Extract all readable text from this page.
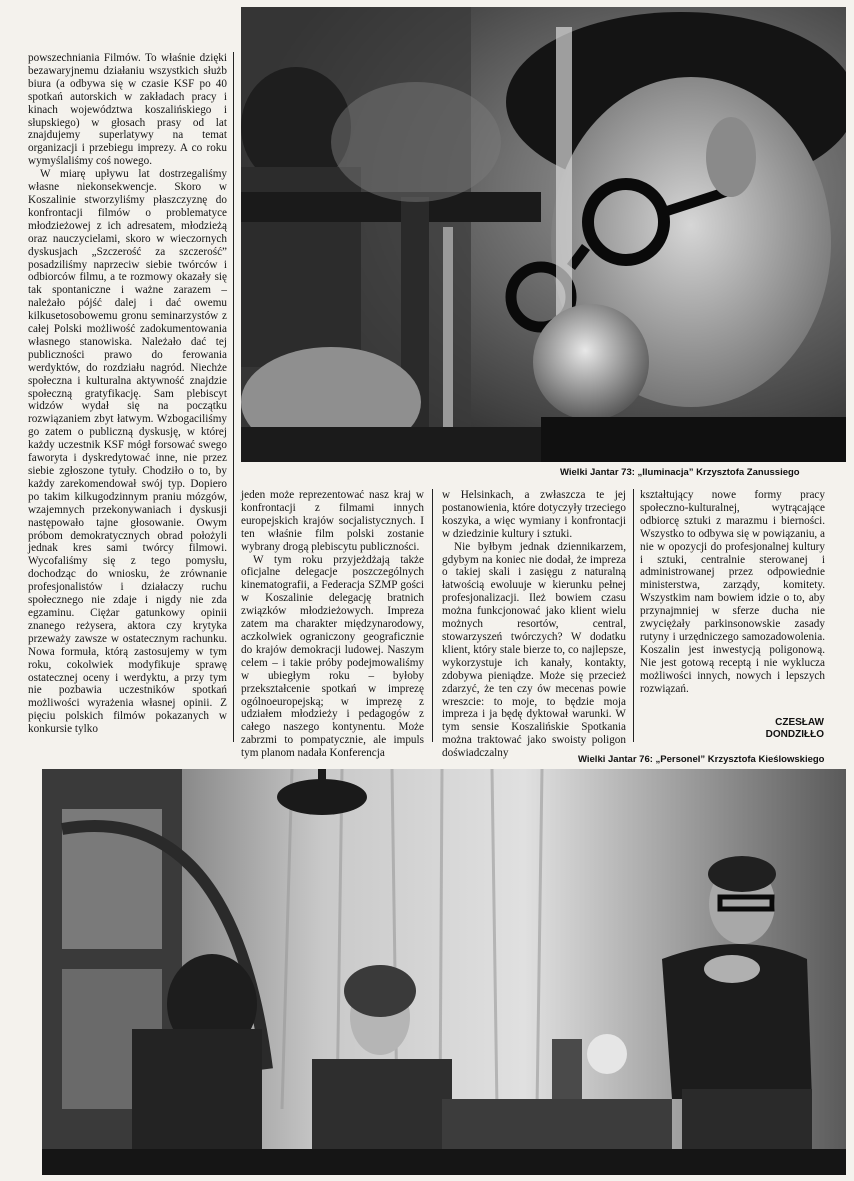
Wielki Jantar 73: „Iluminacja” Krzysztofa Zanussiego

powszechniania Filmów. To właśnie dzięki bezawaryjnemu działaniu wszystkich służb biura (a odbywa się w czasie KSF po 40 spotkań autorskich w zakładach pracy i kinach województwa koszalińskiego i słupskiego) w głosach prasy od lat znajdujemy superlatywy na temat organizacji i przebiegu imprezy. A co roku wymyślaliśmy coś nowego.

W miarę upływu lat dostrzegaliśmy własne niekonsekwencje. Skoro w Koszalinie stworzyliśmy płaszczyznę do konfrontacji filmów o problematyce młodzieżowej z ich adresatem, młodzieżą oraz nauczycielami, skoro w wieczornych dyskusjach „Szczerość za szczerość” posadziliśmy naprzeciw siebie twórców i odbiorców filmu, a te rozmowy okazały się tak spontaniczne i ważne zarazem – należało pójść dalej i dać owemu kilkusetosobowemu gronu seminarzystów z całej Polski możliwość zadokumentowania własnego stanowiska. Należało dać tej publiczności prawo do ferowania werdyktów, do rozdziału nagród. Niechże społeczna i kulturalna aktywność znajdzie społeczną gratyfikację. Sam plebiscyt widzów wydał się na początku rozwiązaniem zbyt łatwym. Wzbogaciliśmy go zatem o publiczną dyskusję, w której każdy uczestnik KSF mógł forsować swego faworyta i dyskredytować inne, nie przez siebie zgłoszone tytuły. Chodziło o to, by każdy zarekomendował swój typ. Dopiero po takim kilkugodzinnym praniu mózgów, wzajemnych przekonywaniach i dyskusji następowało tajne głosowanie. Owym próbom demokratycznych obrad położyli jednak kres sami twórcy filmowi. Wycofaliśmy się z tego pomysłu, dochodząc do wniosku, że zrównanie profesjonalistów i działaczy ruchu społecznego nie zdaje i nigdy nie zda egzaminu. Ciężar gatunkowy opinii znanego reżysera, aktora czy krytyka przeważy zawsze w ostatecznym rachunku. Nowa formuła, którą zastosujemy w tym roku, cokolwiek modyfikuje sprawę ostatecznej oceny i werdyktu, a przy tym nie pozbawia uczestników spotkań możliwości wyrażenia własnej opinii. Z pięciu polskich filmów pokazanych w konkursie tylko

jeden może reprezentować nasz kraj w konfrontacji z filmami innych europejskich krajów socjalistycznych. I ten właśnie film polski zostanie wybrany drogą plebiscytu publiczności.

W tym roku przyjeżdżają także oficjalne delegacje poszczególnych kinematografii, a Federacja SZMP gości w Koszalinie delegację bratnich związków młodzieżowych. Impreza zatem ma charakter międzynarodowy, aczkolwiek ograniczony geograficznie do krajów demokracji ludowej. Naszym celem – i takie próby podejmowaliśmy w ubiegłym roku – byłoby przekształcenie spotkań w imprezę ogólnoeuropejską; w imprezę z udziałem młodzieży i pedagogów z całego naszego kontynentu. Może zabrzmi to pompatycznie, ale impuls tym planom nadała Konferencja

w Helsinkach, a zwłaszcza te jej postanowienia, które dotyczyły trzeciego koszyka, a więc wymiany i konfrontacji w dziedzinie kultury i sztuki.

Nie byłbym jednak dziennikarzem, gdybym na koniec nie dodał, że impreza o takiej skali i zasięgu z naturalną łatwością ewoluuje w kierunku pełnej profesjonalizacji. Ileż bowiem czasu można funkcjonować jako klient wielu możnych resortów, central, stowarzyszeń twórczych? W dodatku klient, który stale bierze to, co najlepsze, wykorzystuje ich kanały, kontakty, zdobywa pieniądze. Może się przecież zdarzyć, że ten czy ów mecenas powie wreszcie: to moje, to będzie moja impreza i ja będę dyktował warunki. W tym sensie Koszalińskie Spotkania można traktować jako swoisty poligon doświadczalny

kształtujący nowe formy pracy społeczno-kulturalnej, wytrącające odbiorcę sztuki z marazmu i bierności. Wszystko to odbywa się w powiązaniu, a nie w opozycji do profesjonalnej kultury i sztuki, centralnie sterowanej i administrowanej przez odpowiednie ministerstwa, zarządy, komitety. Wszystkim nam bowiem idzie o to, aby przynajmniej w sferze ducha nie zwyciężały parkinsonowskie zasady rutyny i urzędniczego samozadowolenia. Koszalin jest inwestycją poligonową. Nie jest gotową receptą i nie wyklucza możliwości innych, nowych i lepszych rozwiązań.

CZESŁAW
DONDZIŁŁO
Wielki Jantar 76: „Personel” Krzysztofa Kieślowskiego
